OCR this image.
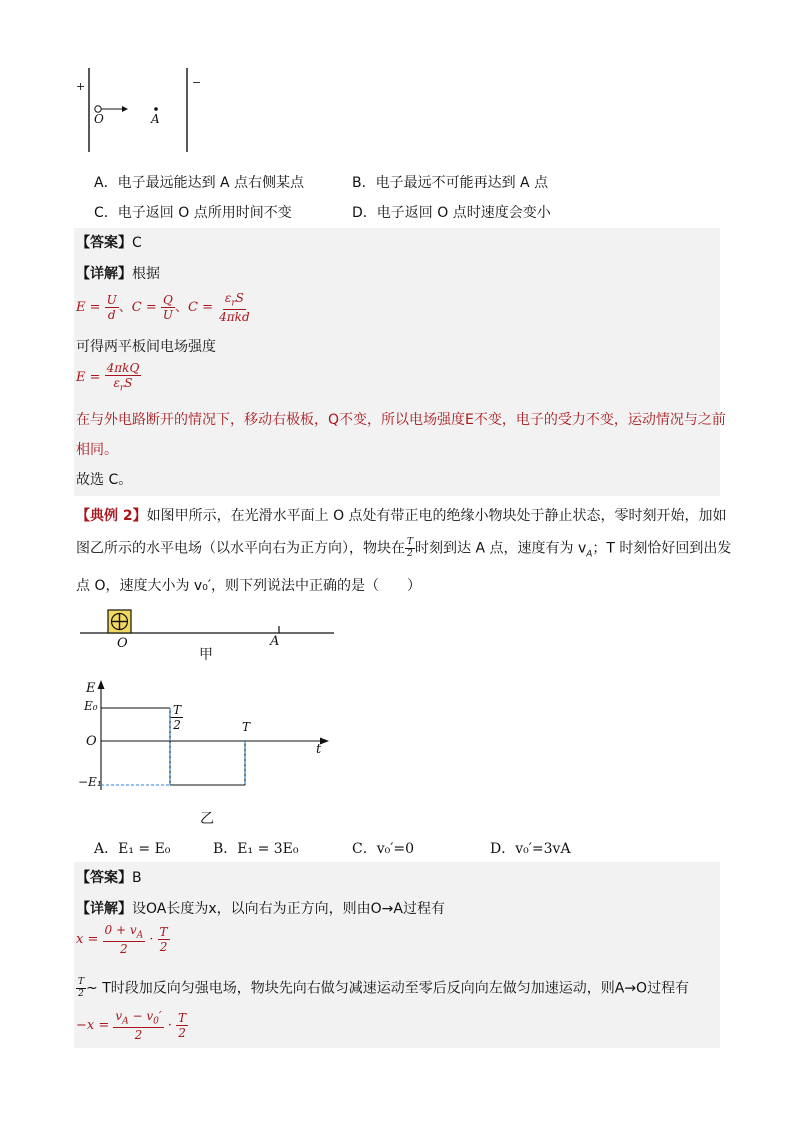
+	−
O	A
A．电子最远能达到 A 点右侧某点	B．电子最远不可能再达到 A 点
C．电子返回 O 点所用时间不变	D．电子返回 O 点时速度会变小
【答案】C
【详解】根据
$E = \frac{U}{d}$ 、$C = \frac{Q}{U}$ 、$C = \frac{\varepsilon_rS}{\text{4πkd}}$
可得两平板间电场强度
$E = \frac{\text{4πkQ}}{\varepsilon_rS}$
在与外电路断开的情况下，移动右极板，Q不变，所以电场强度E不变，电子的受力不变，运动情况与之前
相同。
故选 C。
【典例 2】如图甲所示，在光滑水平面上 O 点处有带正电的绝缘小物块处于静止状态，零时刻开始，加如
图乙所示的水平电场（以水平向右为正方向），物块在 $\frac{T}{2}$ 时刻到达 A 点，速度有为 $v_A$；T 时刻恰好回到出发
点 O，速度大小为 v₀′，则下列说法中正确的是（　　）
O	A
甲
E
E₀
O
−E₁
t
$\frac{T}{2}$	T
乙
A．E₁ = E₀	B．E₁ = 3E₀	C．v₀′=0	D．v₀′=3vA
【答案】B
【详解】设OA长度为x，以向右为正方向，则由O→A过程有
$x = \frac{0 + v_A}{2} \cdot \frac{T}{2}$
$\frac{T}{2}$ ~ T时段加反向匀强电场，物块先向右做匀减速运动至零后反向向左做匀加速运动，则A→O过程有
$-x = \frac{v_A - v_0'}{2} \cdot \frac{T}{2}$
